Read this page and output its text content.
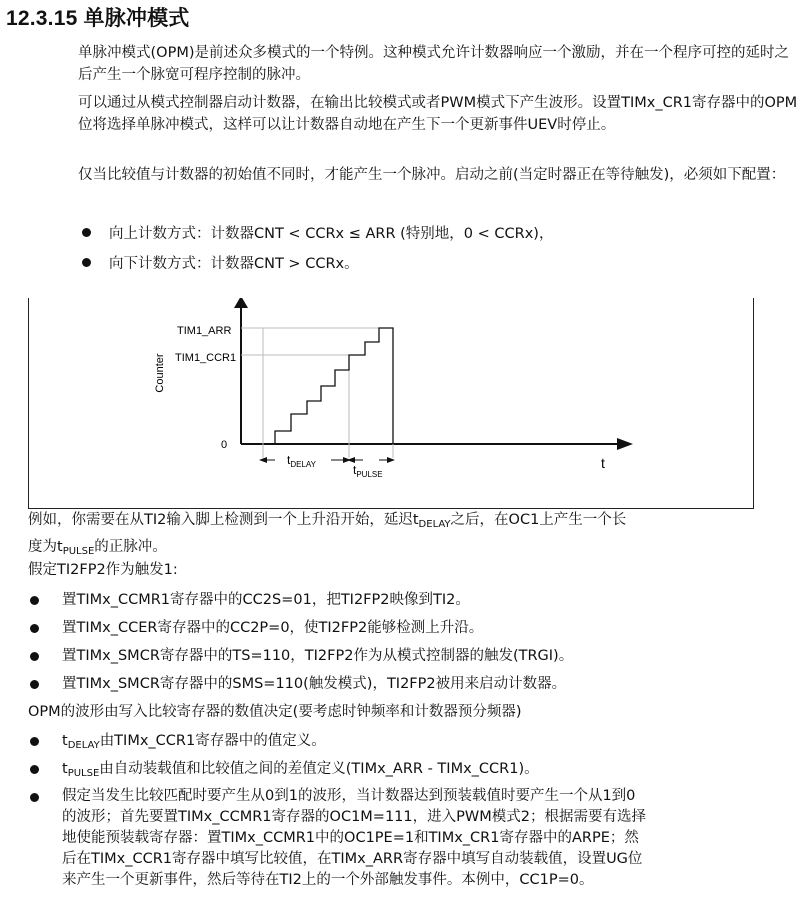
12.3.15 单脉冲模式

单脉冲模式(OPM)是前述众多模式的一个特例。这种模式允许计数器响应一个激励，并在一个程序可控的延时之后产生一个脉宽可程序控制的脉冲。

可以通过从模式控制器启动计数器，在输出比较模式或者PWM模式下产生波形。设置TIMx_CR1寄存器中的OPM位将选择单脉冲模式，这样可以让计数器自动地在产生下一个更新事件UEV时停止。

仅当比较值与计数器的初始值不同时，才能产生一个脉冲。启动之前(当定时器正在等待触发)，必须如下配置：

向上计数方式：计数器CNT < CCRx ≤ ARR (特别地，0 < CCRx)，
向下计数方式：计数器CNT > CCRx。
TIM1_ARR
TIM1_CCR1
0
Counter
t
$t_{DELAY}$	$t_{PULSE}$
例如，你需要在从TI2输入脚上检测到一个上升沿开始，延迟$t_{DELAY}$之后，在OC1上产生一个长
度为$t_{PULSE}$的正脉冲。
假定TI2FP2作为触发1:
置TIMx_CCMR1寄存器中的CC2S=01，把TI2FP2映像到TI2。
置TIMx_CCER寄存器中的CC2P=0，使TI2FP2能够检测上升沿。
置TIMx_SMCR寄存器中的TS=110，TI2FP2作为从模式控制器的触发(TRGI)。
置TIMx_SMCR寄存器中的SMS=110(触发模式)，TI2FP2被用来启动计数器。
OPM的波形由写入比较寄存器的数值决定(要考虑时钟频率和计数器预分频器)
$t_{DELAY}$由TIMx_CCR1寄存器中的值定义。
$t_{PULSE}$由自动装载值和比较值之间的差值定义(TIMx_ARR - TIMx_CCR1)。
假定当发生比较匹配时要产生从0到1的波形，当计数器达到预装载值时要产生一个从1到0
的波形；首先要置TIMx_CCMR1寄存器的OC1M=111，进入PWM模式2；根据需要有选择
地使能预装载寄存器：置TIMx_CCMR1中的OC1PE=1和TIMx_CR1寄存器中的ARPE；然
后在TIMx_CCR1寄存器中填写比较值，在TIMx_ARR寄存器中填写自动装载值，设置UG位
来产生一个更新事件，然后等待在TI2上的一个外部触发事件。本例中，CC1P=0。
